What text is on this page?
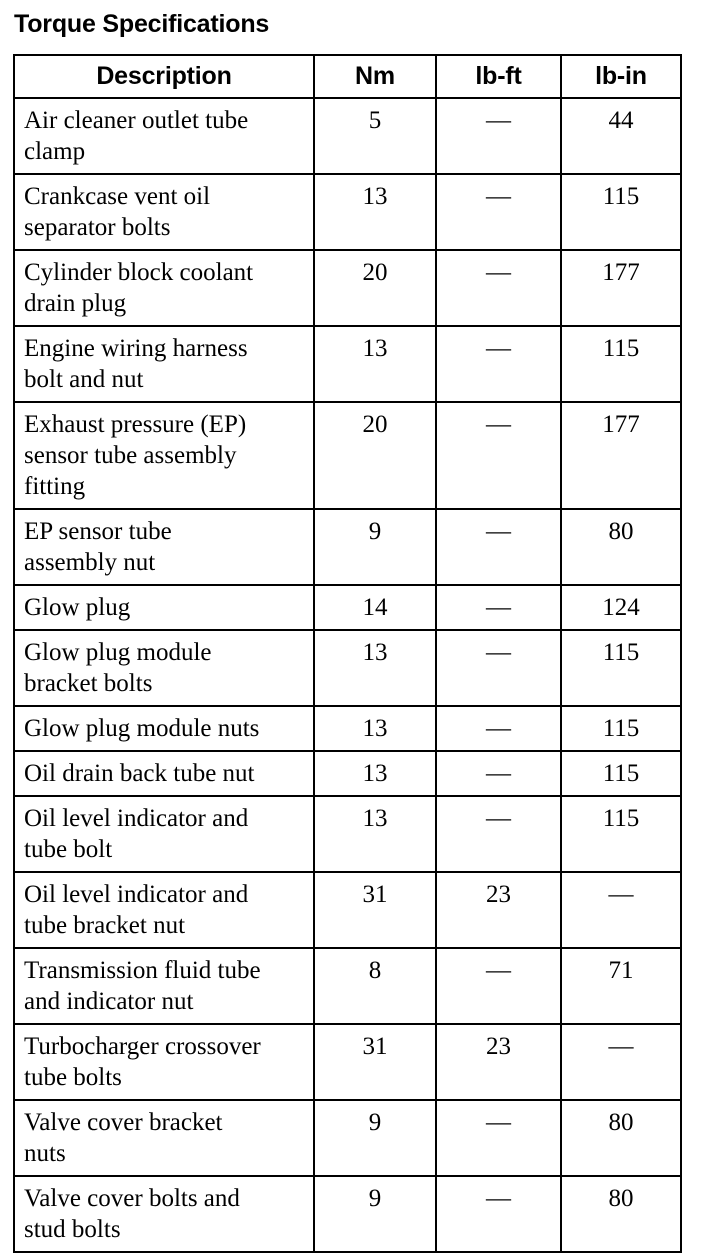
Torque Specifications
Description	Nm	lb-ft	lb-in
Air cleaner outlet tube
clamp	5	—	44
Crankcase vent oil
separator bolts	13	—	115
Cylinder block coolant
drain plug	20	—	177
Engine wiring harness
bolt and nut	13	—	115
Exhaust pressure (EP)
sensor tube assembly
fitting	20	—	177
EP sensor tube
assembly nut	9	—	80
Glow plug	14	—	124
Glow plug module
bracket bolts	13	—	115
Glow plug module nuts	13	—	115
Oil drain back tube nut	13	—	115
Oil level indicator and
tube bolt	13	—	115
Oil level indicator and
tube bracket nut	31	23	—
Transmission fluid tube
and indicator nut	8	—	71
Turbocharger crossover
tube bolts	31	23	—
Valve cover bracket
nuts	9	—	80
Valve cover bolts and
stud bolts	9	—	80
